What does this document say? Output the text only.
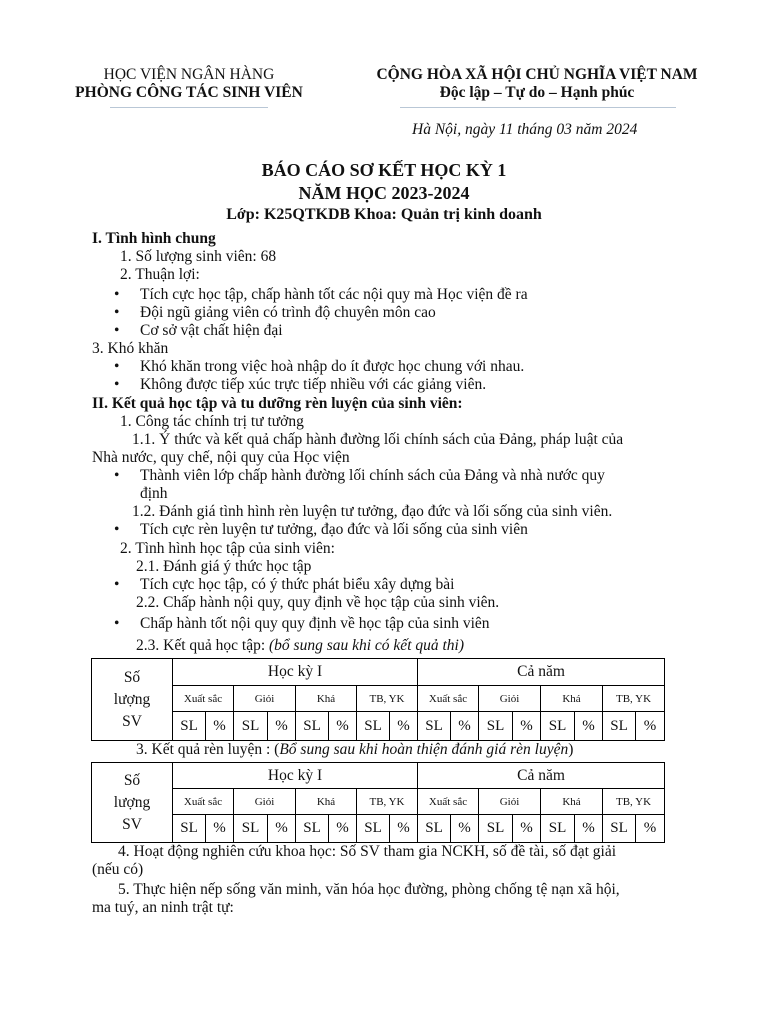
HỌC VIỆN NGÂN HÀNG
PHÒNG CÔNG TÁC SINH VIÊN
CỘNG HÒA XÃ HỘI CHỦ NGHĨA VIỆT NAM
Độc lập – Tự do – Hạnh phúc
Hà Nội, ngày 11 tháng 03 năm 2024
BÁO CÁO SƠ KẾT HỌC KỲ 1
NĂM HỌC 2023-2024
Lớp: K25QTKDB Khoa: Quản trị kinh doanh
I. Tình hình chung
1. Số lượng sinh viên: 68
2. Thuận lợi:
• Tích cực học tập, chấp hành tốt các nội quy mà Học viện đề ra
• Đội ngũ giảng viên có trình độ chuyên môn cao
• Cơ sở vật chất hiện đại
3. Khó khăn
• Khó khăn trong việc hoà nhập do ít được học chung với nhau.
• Không được tiếp xúc trực tiếp nhiều với các giảng viên.
II. Kết quả học tập và tu dưỡng rèn luyện của sinh viên:
1. Công tác chính trị tư tưởng
1.1. Ý thức và kết quả chấp hành đường lối chính sách của Đảng, pháp luật của
Nhà nước, quy chế, nội quy của Học viện
• Thành viên lớp chấp hành đường lối chính sách của Đảng và nhà nước quy
định
1.2. Đánh giá tình hình rèn luyện tư tưởng, đạo đức và lối sống của sinh viên.
• Tích cực rèn luyện tư tưởng, đạo đức và lối sống của sinh viên
2. Tình hình học tập của sinh viên:
2.1. Đánh giá ý thức học tập
• Tích cực học tập, có ý thức phát biểu xây dựng bài
2.2. Chấp hành nội quy, quy định về học tập của sinh viên.
• Chấp hành tốt nội quy quy định về học tập của sinh viên
2.3. Kết quả học tập: (bổ sung sau khi có kết quả thi)
Số
lượng
SV	Học kỳ I								Cả năm							
	Xuất sắc		Giỏi		Khá		TB, YK		Xuất sắc		Giỏi		Khá		TB, YK	
	SL	%	SL	%	SL	%	SL	%	SL	%	SL	%	SL	%	SL	%
3. Kết quả rèn luyện : (Bổ sung sau khi hoàn thiện đánh giá rèn luyện)
Số
lượng
SV	Học kỳ I								Cả năm							
	Xuất sắc		Giỏi		Khá		TB, YK		Xuất sắc		Giỏi		Khá		TB, YK	
	SL	%	SL	%	SL	%	SL	%	SL	%	SL	%	SL	%	SL	%
4. Hoạt động nghiên cứu khoa học: Số SV tham gia NCKH, số đề tài, số đạt giải
(nếu có)
5. Thực hiện nếp sống văn minh, văn hóa học đường, phòng chống tệ nạn xã hội,
ma tuý, an ninh trật tự:
